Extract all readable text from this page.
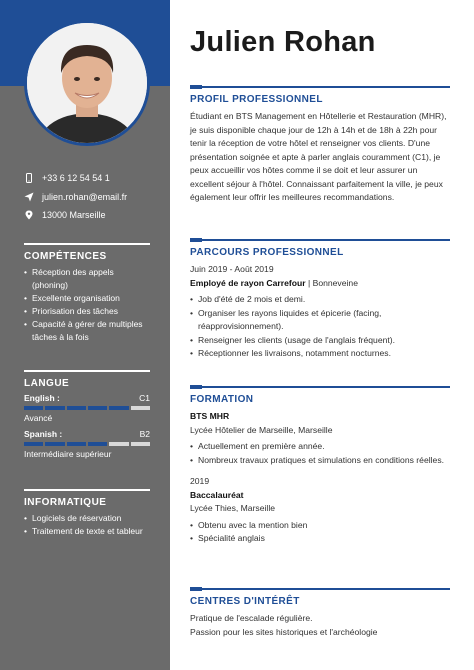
+33 6 12 54 54 1
julien.rohan@email.fr
13000 Marseille
COMPÉTENCES
• Réception des appels (phoning)
• Excellente organisation
• Priorisation des tâches
• Capacité à gérer de multiples tâches à la fois
LANGUE
English :	C1
Avancé
Spanish :	B2
Intermédiaire supérieur
INFORMATIQUE
• Logiciels de réservation
• Traitement de texte et tableur
Julien Rohan
PROFIL PROFESSIONNEL
Étudiant en BTS Management en Hôtellerie et Restauration (MHR), je suis disponible chaque jour de 12h à 14h et de 18h à 22h pour tenir la réception de votre hôtel et renseigner vos clients. D'une présentation soignée et apte à parler anglais couramment (C1), je peux accueillir vos hôtes comme il se doit et leur assurer un excellent séjour à l'hôtel. Connaissant parfaitement la ville, je peux également leur offrir les meilleures recommandations.
PARCOURS PROFESSIONNEL
Juin 2019 - Août 2019
Employé de rayon Carrefour | Bonneveine
• Job d'été de 2 mois et demi.
• Organiser les rayons liquides et épicerie (facing, réapprovisionnement).
• Renseigner les clients (usage de l'anglais fréquent).
• Réceptionner les livraisons, notamment nocturnes.
FORMATION
BTS MHR
Lycée Hôtelier de Marseille, Marseille
• Actuellement en première année.
• Nombreux travaux pratiques et simulations en conditions réelles.
2019
Baccalauréat
Lycée Thies, Marseille
• Obtenu avec la mention bien
• Spécialité anglais
CENTRES D'INTÉRÊT
Pratique de l'escalade régulière.
Passion pour les sites historiques et l'archéologie
